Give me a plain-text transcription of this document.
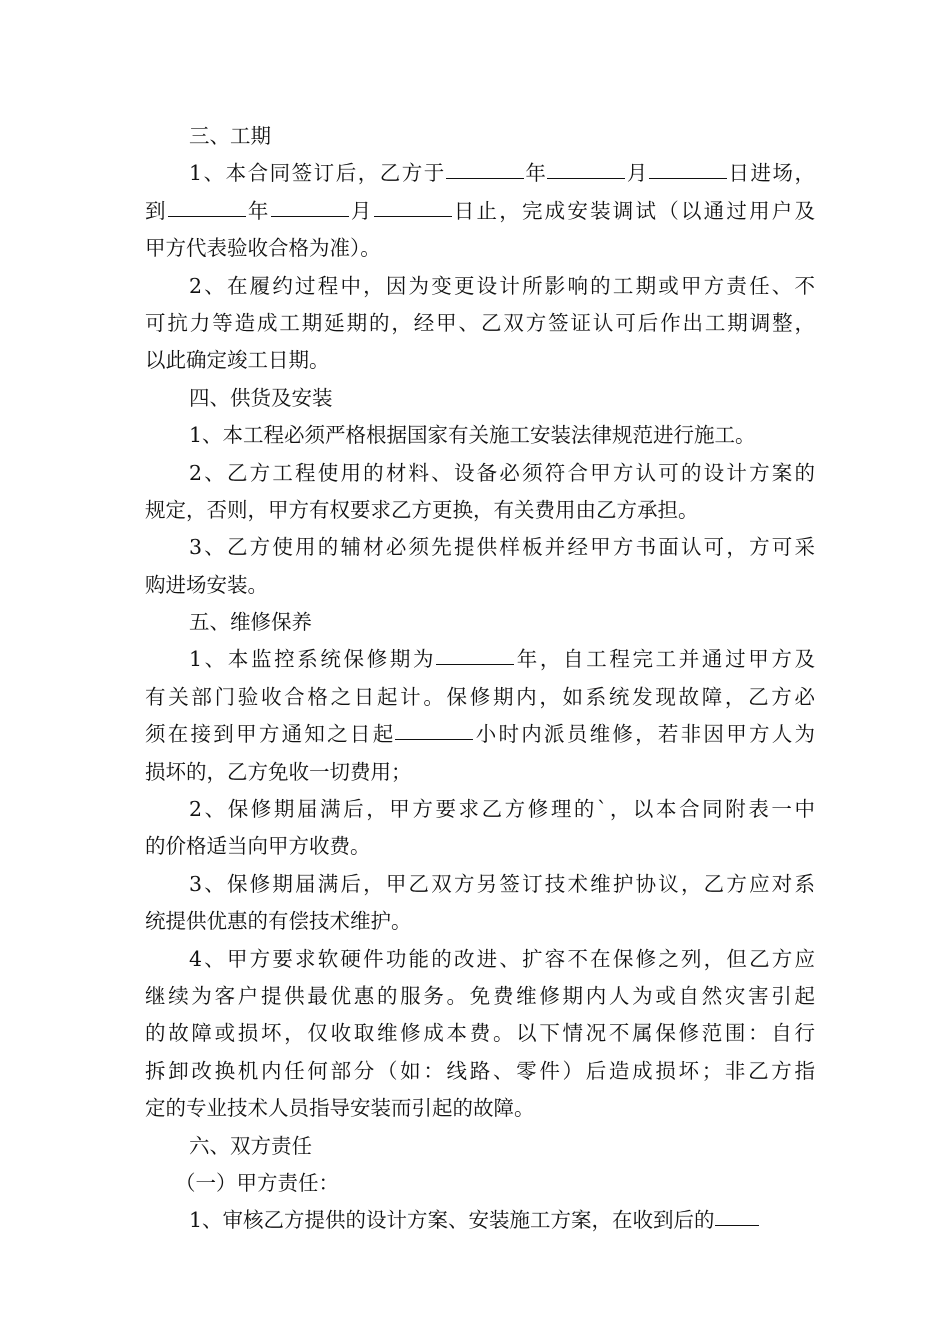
三、工期
1、本合同签订后，乙方于	年	月	日进场，
到	年	月	日止，完成安装调试（以通过用户及
甲方代表验收合格为准）。
2、在履约过程中，因为变更设计所影响的工期或甲方责任、不
可抗力等造成工期延期的，经甲、乙双方签证认可后作出工期调整，
以此确定竣工日期。
四、供货及安装
1、本工程必须严格根据国家有关施工安装法律规范进行施工。
2、乙方工程使用的材料、设备必须符合甲方认可的设计方案的
规定，否则，甲方有权要求乙方更换，有关费用由乙方承担。
3、乙方使用的辅材必须先提供样板并经甲方书面认可，方可采
购进场安装。
五、维修保养
1、本监控系统保修期为	年，自工程完工并通过甲方及
有关部门验收合格之日起计。保修期内，如系统发现故障，乙方必
须在接到甲方通知之日起	小时内派员维修，若非因甲方人为
损坏的，乙方免收一切费用；
2、保修期届满后，甲方要求乙方修理的`，以本合同附表一中
的价格适当向甲方收费。
3、保修期届满后，甲乙双方另签订技术维护协议，乙方应对系
统提供优惠的有偿技术维护。
4、甲方要求软硬件功能的改进、扩容不在保修之列，但乙方应
继续为客户提供最优惠的服务。免费维修期内人为或自然灾害引起
的故障或损坏，仅收取维修成本费。以下情况不属保修范围：自行
拆卸改换机内任何部分（如：线路、零件）后造成损坏；非乙方指
定的专业技术人员指导安装而引起的故障。
六、双方责任
（一）甲方责任：
1、审核乙方提供的设计方案、安装施工方案，在收到后的
